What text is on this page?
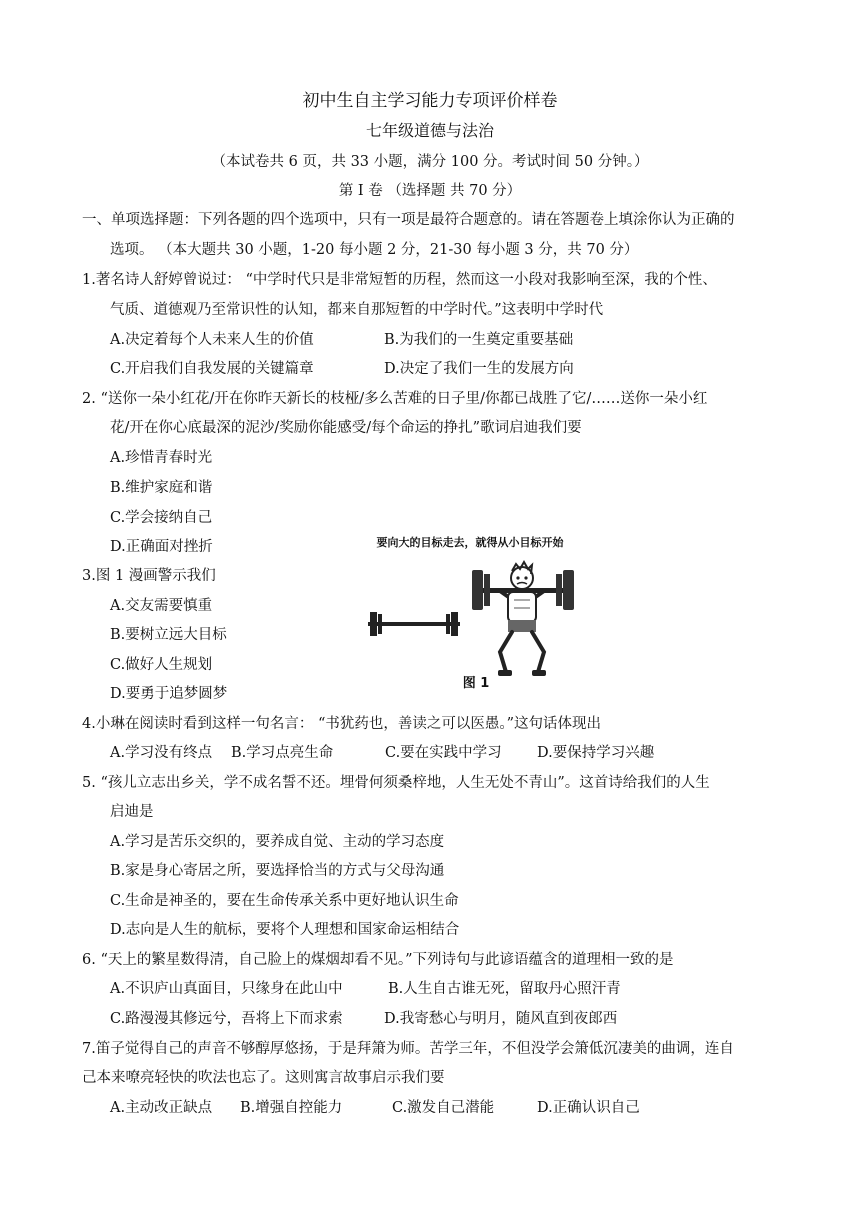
初中生自主学习能力专项评价样卷
七年级道德与法治
（本试卷共 6 页，共 33 小题，满分 100 分。考试时间 50 分钟。）
第 I 卷 （选择题 共 70 分）
一、单项选择题：下列各题的四个选项中，只有一项是最符合题意的。请在答题卷上填涂你认为正确的
选项。 （本大题共 30 小题，1-20 每小题 2 分，21-30 每小题 3 分，共 70 分）
1.著名诗人舒婷曾说过： “中学时代只是非常短暂的历程，然而这一小段对我影响至深，我的个性、
气质、道德观乃至常识性的认知，都来自那短暂的中学时代。”这表明中学时代
A.决定着每个人未来人生的价值	B.为我们的一生奠定重要基础
C.开启我们自我发展的关键篇章	D.决定了我们一生的发展方向
2. “送你一朵小红花/开在你昨天新长的枝桠/多么苦难的日子里/你都已战胜了它/……送你一朵小红
花/开在你心底最深的泥沙/奖励你能感受/每个命运的挣扎”歌词启迪我们要
A.珍惜青春时光
B.维护家庭和谐
C.学会接纳自己
D.正确面对挫折
3.图 1 漫画警示我们
A.交友需要慎重
B.要树立远大目标
C.做好人生规划
D.要勇于追梦圆梦
要向大的目标走去，就得从小目标开始
图 1
4.小琳在阅读时看到这样一句名言： “书犹药也，善读之可以医愚。”这句话体现出
A.学习没有终点 B.学习点亮生命	C.要在实践中学习 D.要保持学习兴趣
5. “孩儿立志出乡关，学不成名誓不还。埋骨何须桑梓地，人生无处不青山”。这首诗给我们的人生
启迪是
A.学习是苦乐交织的，要养成自觉、主动的学习态度
B.家是身心寄居之所，要选择恰当的方式与父母沟通
C.生命是神圣的，要在生命传承关系中更好地认识生命
D.志向是人生的航标，要将个人理想和国家命运相结合
6. “天上的繁星数得清，自己脸上的煤烟却看不见。”下列诗句与此谚语蕴含的道理相一致的是
A.不识庐山真面目，只缘身在此山中	B.人生自古谁无死，留取丹心照汗青
C.路漫漫其修远兮，吾将上下而求索	D.我寄愁心与明月，随风直到夜郎西
7.笛子觉得自己的声音不够醇厚悠扬，于是拜箫为师。苦学三年，不但没学会箫低沉凄美的曲调，连自
己本来嘹亮轻快的吹法也忘了。这则寓言故事启示我们要
A.主动改正缺点 B.增强自控能力	C.激发自己潜能	D.正确认识自己
